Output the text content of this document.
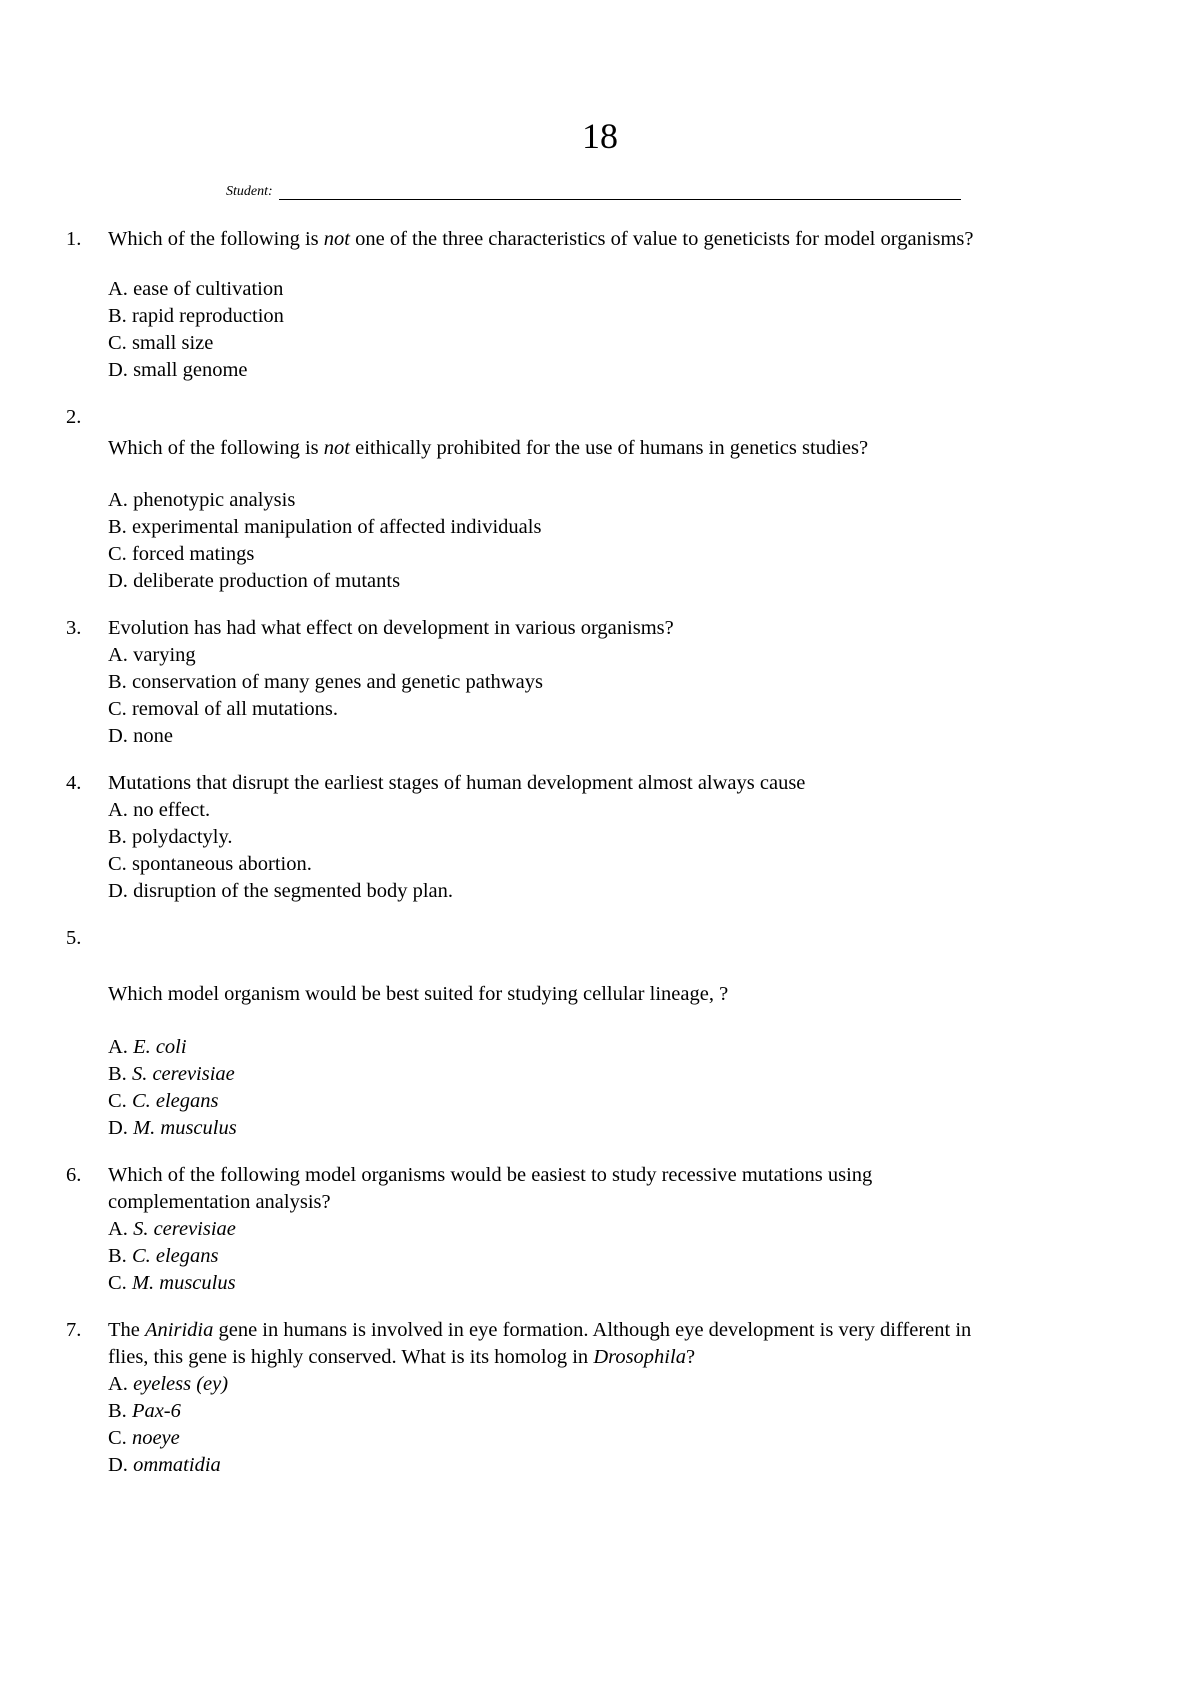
18
Student:
1. Which of the following is not one of the three characteristics of value to geneticists for model organisms?
A. ease of cultivation
B. rapid reproduction
C. small size
D. small genome
2.
Which of the following is not eithically prohibited for the use of humans in genetics studies?
A. phenotypic analysis
B. experimental manipulation of affected individuals
C. forced matings
D. deliberate production of mutants
3. Evolution has had what effect on development in various organisms?
A. varying
B. conservation of many genes and genetic pathways
C. removal of all mutations.
D. none
4. Mutations that disrupt the earliest stages of human development almost always cause
A. no effect.
B. polydactyly.
C. spontaneous abortion.
D. disruption of the segmented body plan.
5.
Which model organism would be best suited for studying cellular lineage, ?
A. E. coli
B. S. cerevisiae
C. C. elegans
D. M. musculus
6. Which of the following model organisms would be easiest to study recessive mutations using
complementation analysis?
A. S. cerevisiae
B. C. elegans
C. M. musculus
7. The Aniridia gene in humans is involved in eye formation. Although eye development is very different in
flies, this gene is highly conserved. What is its homolog in Drosophila?
A. eyeless (ey)
B. Pax-6
C. noeye
D. ommatidia
